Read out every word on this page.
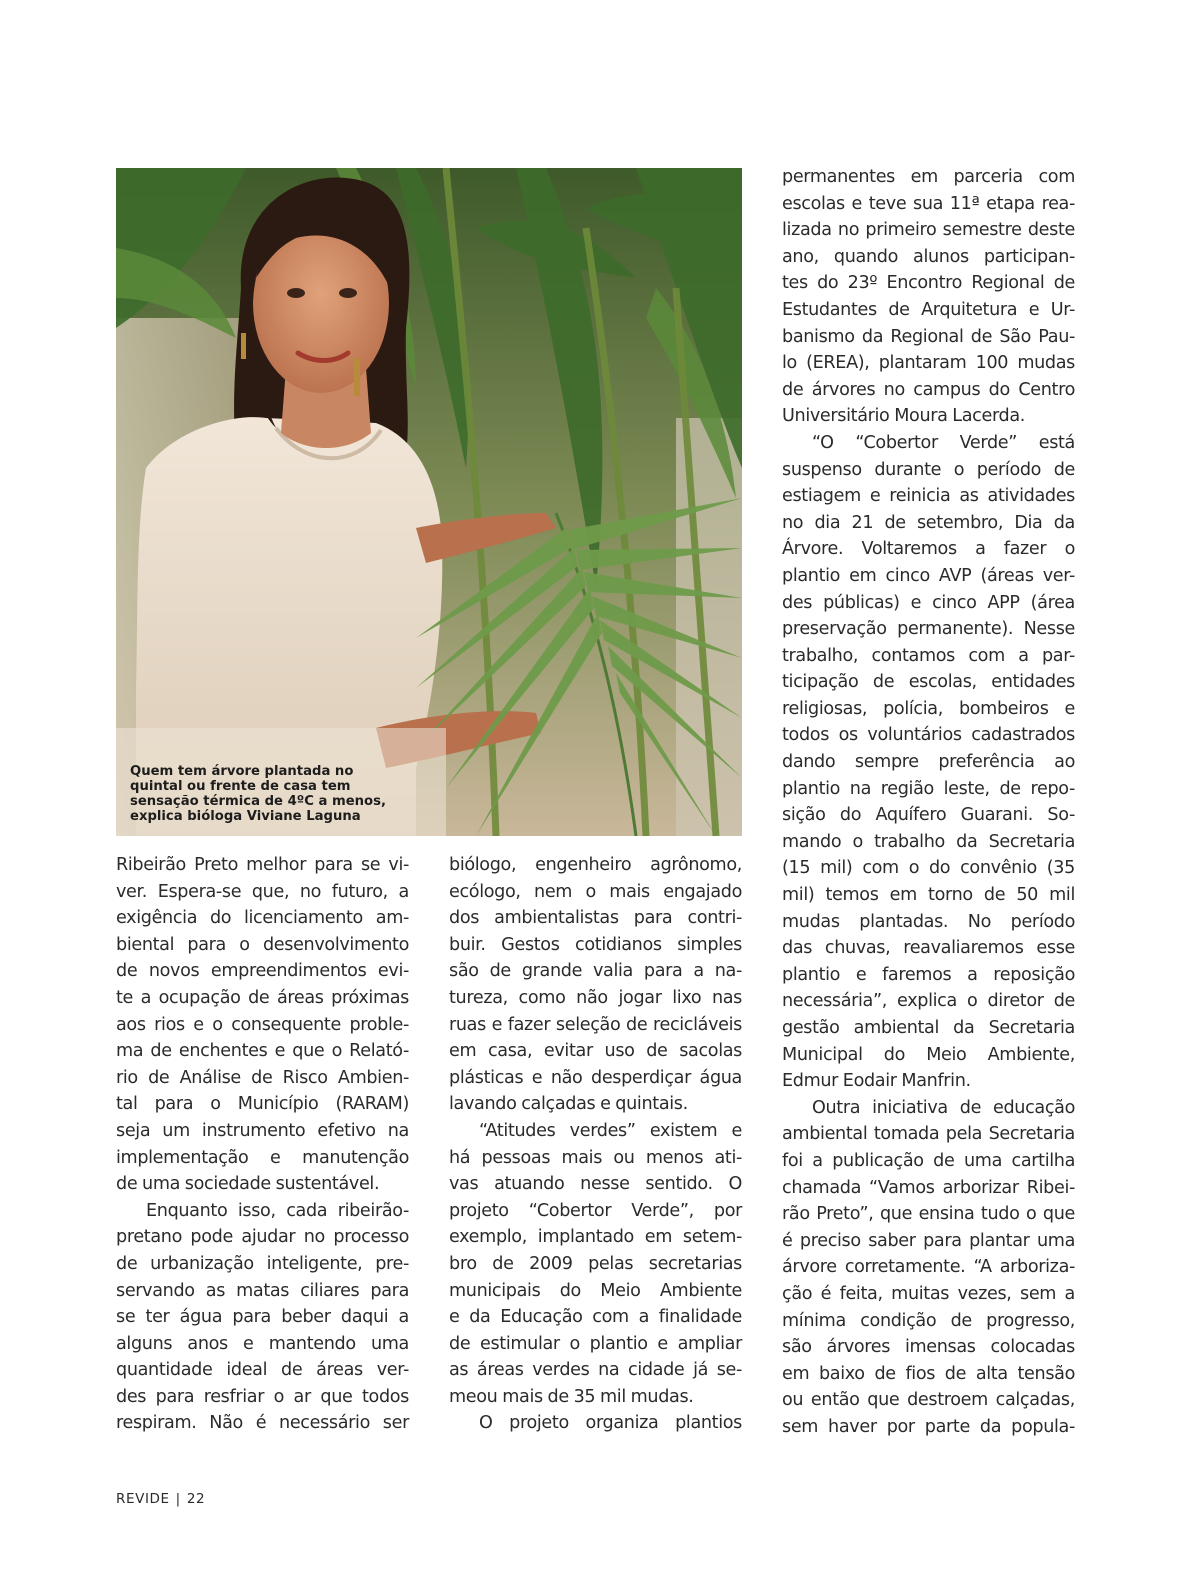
Quem tem árvore plantada no
quintal ou frente de casa tem
sensação térmica de 4ºC a menos,
explica bióloga Viviane Laguna

Ribeirão Preto melhor para se vi-
ver. Espera-se que, no futuro, a
exigência do licenciamento am-
biental para o desenvolvimento
de novos empreendimentos evi-
te a ocupação de áreas próximas
aos rios e o consequente proble-
ma de enchentes e que o Relató-
rio de Análise de Risco Ambien-
tal para o Município (RARAM)
seja um instrumento efetivo na
implementação e manutenção
de uma sociedade sustentável.

Enquanto isso, cada ribeirão-
pretano pode ajudar no processo
de urbanização inteligente, pre-
servando as matas ciliares para
se ter água para beber daqui a
alguns anos e mantendo uma
quantidade ideal de áreas ver-
des para resfriar o ar que todos
respiram. Não é necessário ser

biólogo, engenheiro agrônomo,
ecólogo, nem o mais engajado
dos ambientalistas para contri-
buir. Gestos cotidianos simples
são de grande valia para a na-
tureza, como não jogar lixo nas
ruas e fazer seleção de recicláveis
em casa, evitar uso de sacolas
plásticas e não desperdiçar água
lavando calçadas e quintais.

“Atitudes verdes” existem e
há pessoas mais ou menos ati-
vas atuando nesse sentido. O
projeto “Cobertor Verde”, por
exemplo, implantado em setem-
bro de 2009 pelas secretarias
municipais do Meio Ambiente
e da Educação com a finalidade
de estimular o plantio e ampliar
as áreas verdes na cidade já se-
meou mais de 35 mil mudas.

O projeto organiza plantios

permanentes em parceria com
escolas e teve sua 11ª etapa rea-
lizada no primeiro semestre deste
ano, quando alunos participan-
tes do 23º Encontro Regional de
Estudantes de Arquitetura e Ur-
banismo da Regional de São Pau-
lo (EREA), plantaram 100 mudas
de árvores no campus do Centro
Universitário Moura Lacerda.

“O “Cobertor Verde” está
suspenso durante o período de
estiagem e reinicia as atividades
no dia 21 de setembro, Dia da
Árvore. Voltaremos a fazer o
plantio em cinco AVP (áreas ver-
des públicas) e cinco APP (área
preservação permanente). Nesse
trabalho, contamos com a par-
ticipação de escolas, entidades
religiosas, polícia, bombeiros e
todos os voluntários cadastrados
dando sempre preferência ao
plantio na região leste, de repo-
sição do Aquífero Guarani. So-
mando o trabalho da Secretaria
(15 mil) com o do convênio (35
mil) temos em torno de 50 mil
mudas plantadas. No período
das chuvas, reavaliaremos esse
plantio e faremos a reposição
necessária”, explica o diretor de
gestão ambiental da Secretaria
Municipal do Meio Ambiente,
Edmur Eodair Manfrin.

Outra iniciativa de educação
ambiental tomada pela Secretaria
foi a publicação de uma cartilha
chamada “Vamos arborizar Ribei-
rão Preto”, que ensina tudo o que
é preciso saber para plantar uma
árvore corretamente. “A arboriza-
ção é feita, muitas vezes, sem a
mínima condição de progresso,
são árvores imensas colocadas
em baixo de fios de alta tensão
ou então que destroem calçadas,
sem haver por parte da popula-

REVIDE | 22
